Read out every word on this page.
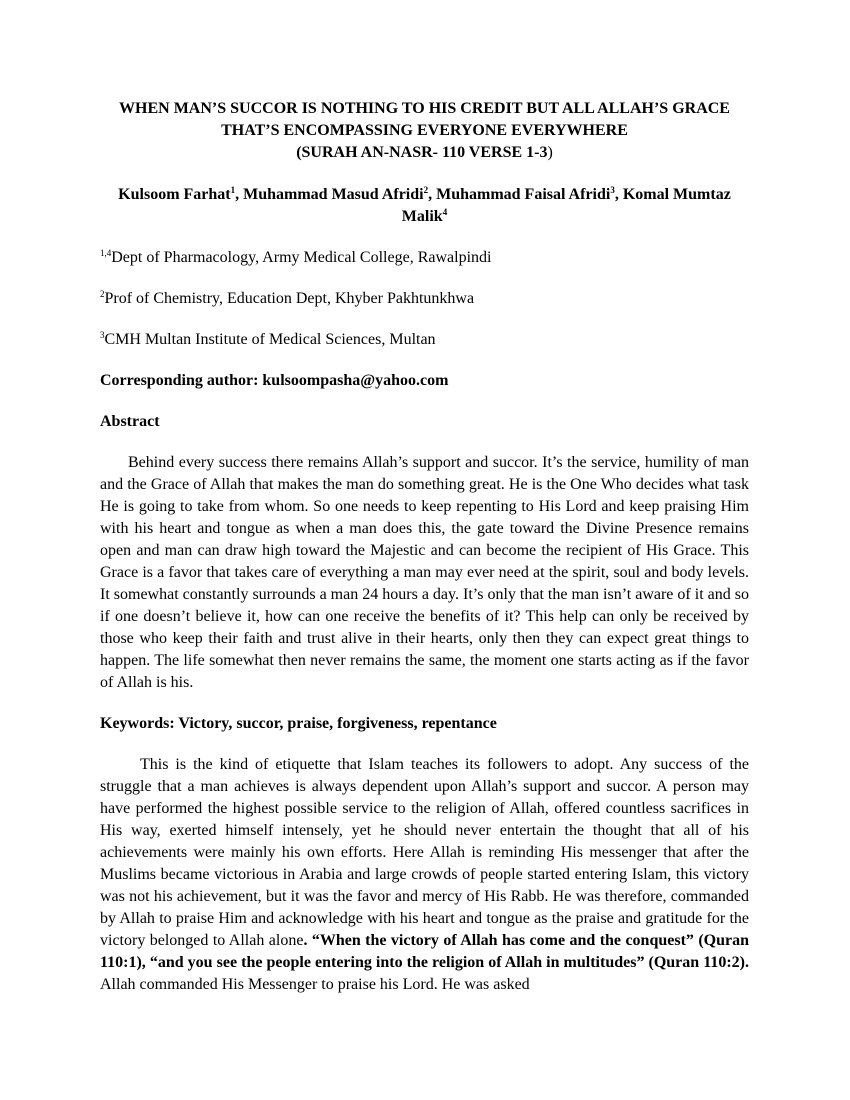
WHEN MAN’S SUCCOR IS NOTHING TO HIS CREDIT BUT ALL ALLAH’S GRACE
THAT’S ENCOMPASSING EVERYONE EVERYWHERE
(SURAH AN-NASR- 110 VERSE 1-3)

Kulsoom Farhat$^1$, Muhammad Masud Afridi$^2$, Muhammad Faisal Afridi$^3$, Komal Mumtaz Malik$^4$

$^{1,4}$Dept of Pharmacology, Army Medical College, Rawalpindi

$^2$Prof of Chemistry, Education Dept, Khyber Pakhtunkhwa

$^3$CMH Multan Institute of Medical Sciences, Multan

Corresponding author: kulsoompasha@yahoo.com

Abstract

Behind every success there remains Allah’s support and succor. It’s the service, humility of man and the Grace of Allah that makes the man do something great. He is the One Who decides what task He is going to take from whom. So one needs to keep repenting to His Lord and keep praising Him with his heart and tongue as when a man does this, the gate toward the Divine Presence remains open and man can draw high toward the Majestic and can become the recipient of His Grace. This Grace is a favor that takes care of everything a man may ever need at the spirit, soul and body levels. It somewhat constantly surrounds a man 24 hours a day. It’s only that the man isn’t aware of it and so if one doesn’t believe it, how can one receive the benefits of it? This help can only be received by those who keep their faith and trust alive in their hearts, only then they can expect great things to happen. The life somewhat then never remains the same, the moment one starts acting as if the favor of Allah is his.

Keywords: Victory, succor, praise, forgiveness, repentance

This is the kind of etiquette that Islam teaches its followers to adopt. Any success of the struggle that a man achieves is always dependent upon Allah’s support and succor. A person may have performed the highest possible service to the religion of Allah, offered countless sacrifices in His way, exerted himself intensely, yet he should never entertain the thought that all of his achievements were mainly his own efforts. Here Allah is reminding His messenger that after the Muslims became victorious in Arabia and large crowds of people started entering Islam, this victory was not his achievement, but it was the favor and mercy of His Rabb. He was therefore, commanded by Allah to praise Him and acknowledge with his heart and tongue as the praise and gratitude for the victory belonged to Allah alone. “When the victory of Allah has come and the conquest” (Quran 110:1), “and you see the people entering into the religion of Allah in multitudes” (Quran 110:2). Allah commanded His Messenger to praise his Lord. He was asked
